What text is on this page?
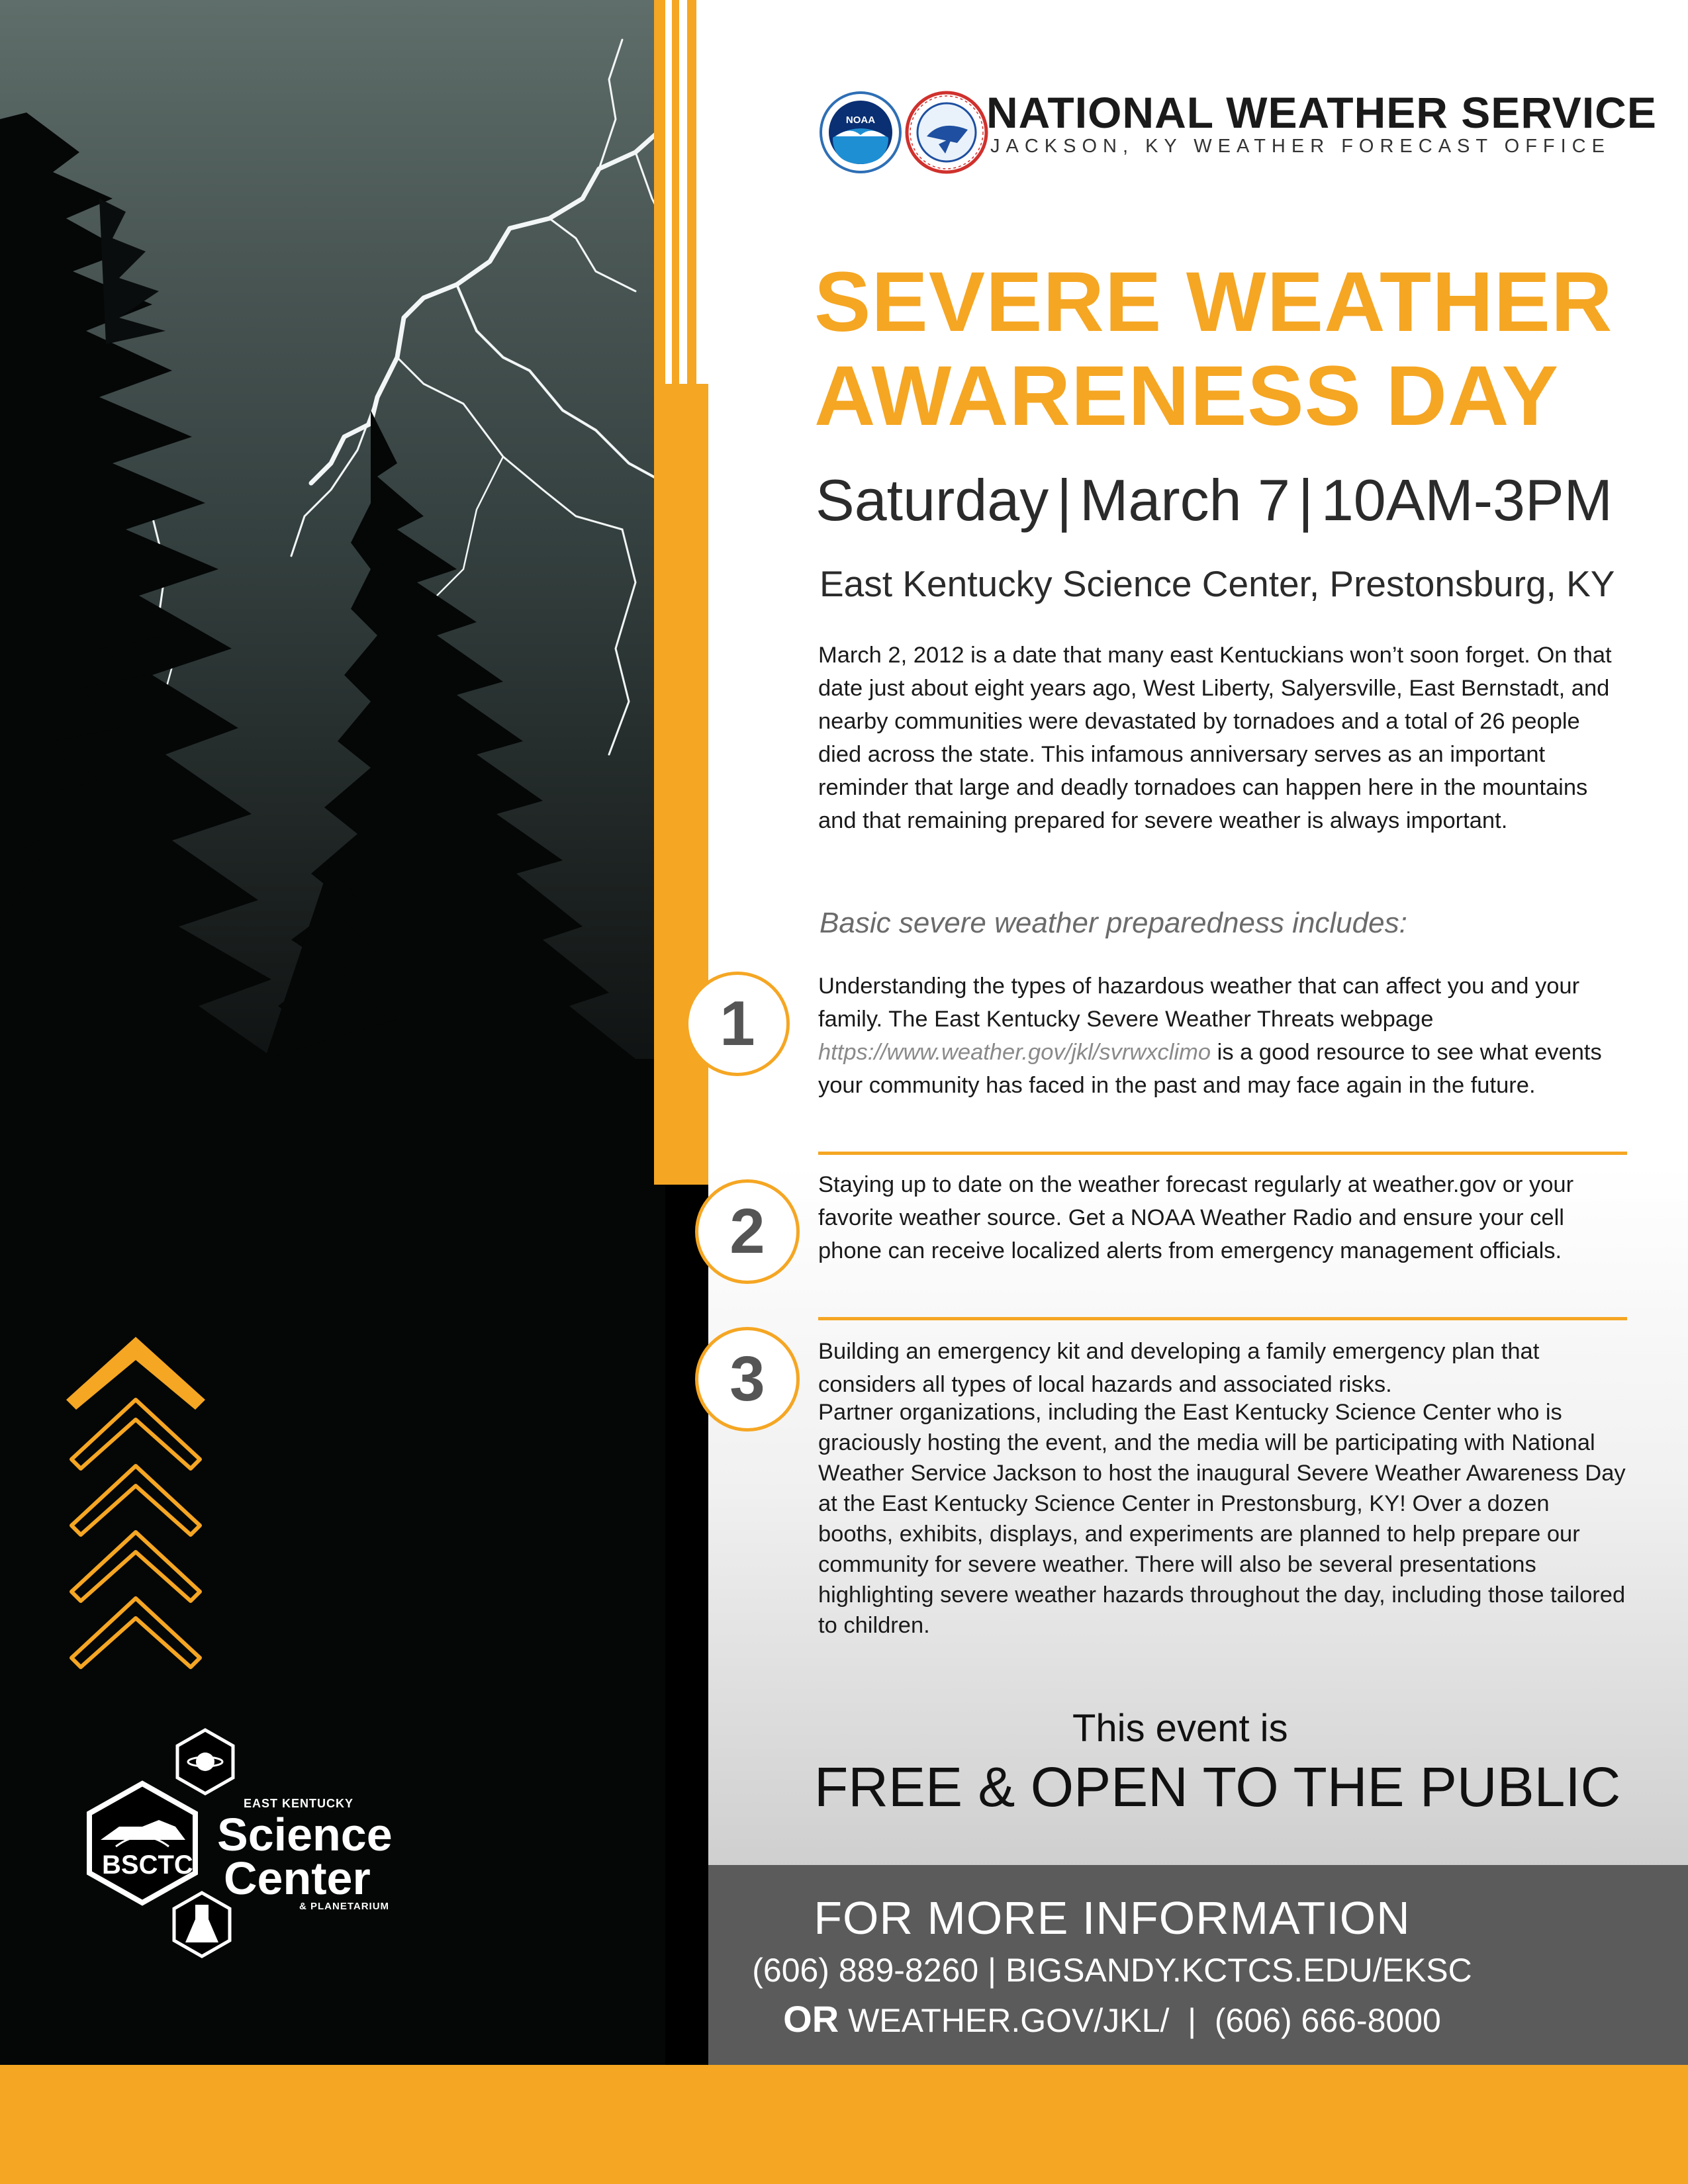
NOAA	NATIONAL WEATHER SERVICE
JACKSON, KY WEATHER FORECAST OFFICE
SEVERE WEATHER
AWARENESS DAY
Saturday | March 7 | 10AM-3PM
East Kentucky Science Center, Prestonsburg, KY
March 2, 2012 is a date that many east Kentuckians won’t soon forget. On that date just about eight years ago, West Liberty, Salyersville, East Bernstadt, and nearby communities were devastated by tornadoes and a total of 26 people died across the state. This infamous anniversary serves as an important reminder that large and deadly tornadoes can happen here in the mountains and that remaining prepared for severe weather is always important.
Basic severe weather preparedness includes:
1
Understanding the types of hazardous weather that can affect you and your family. The East Kentucky Severe Weather Threats webpage https://www.weather.gov/jkl/svrwxclimo is a good resource to see what events your community has faced in the past and may face again in the future.
2
Staying up to date on the weather forecast regularly at weather.gov or your favorite weather source. Get a NOAA Weather Radio and ensure your cell phone can receive localized alerts from emergency management officials.
3	Building an emergency kit and developing a family emergency plan that considers all types of local hazards and associated risks.
Partner organizations, including the East Kentucky Science Center who is graciously hosting the event, and the media will be participating with National Weather Service Jackson to host the inaugural Severe Weather Awareness Day at the East Kentucky Science Center in Prestonsburg, KY! Over a dozen booths, exhibits, displays, and experiments are planned to help prepare our community for severe weather. There will also be several presentations highlighting severe weather hazards throughout the day, including those tailored to children.
This event is
FREE & OPEN TO THE PUBLIC
FOR MORE INFORMATION
(606) 889-8260 | BIGSANDY.KCTCS.EDU/EKSC
OR WEATHER.GOV/JKL/  |  (606) 666-8000
BSCTC
EAST KENTUCKY
Science
Center
& PLANETARIUM
